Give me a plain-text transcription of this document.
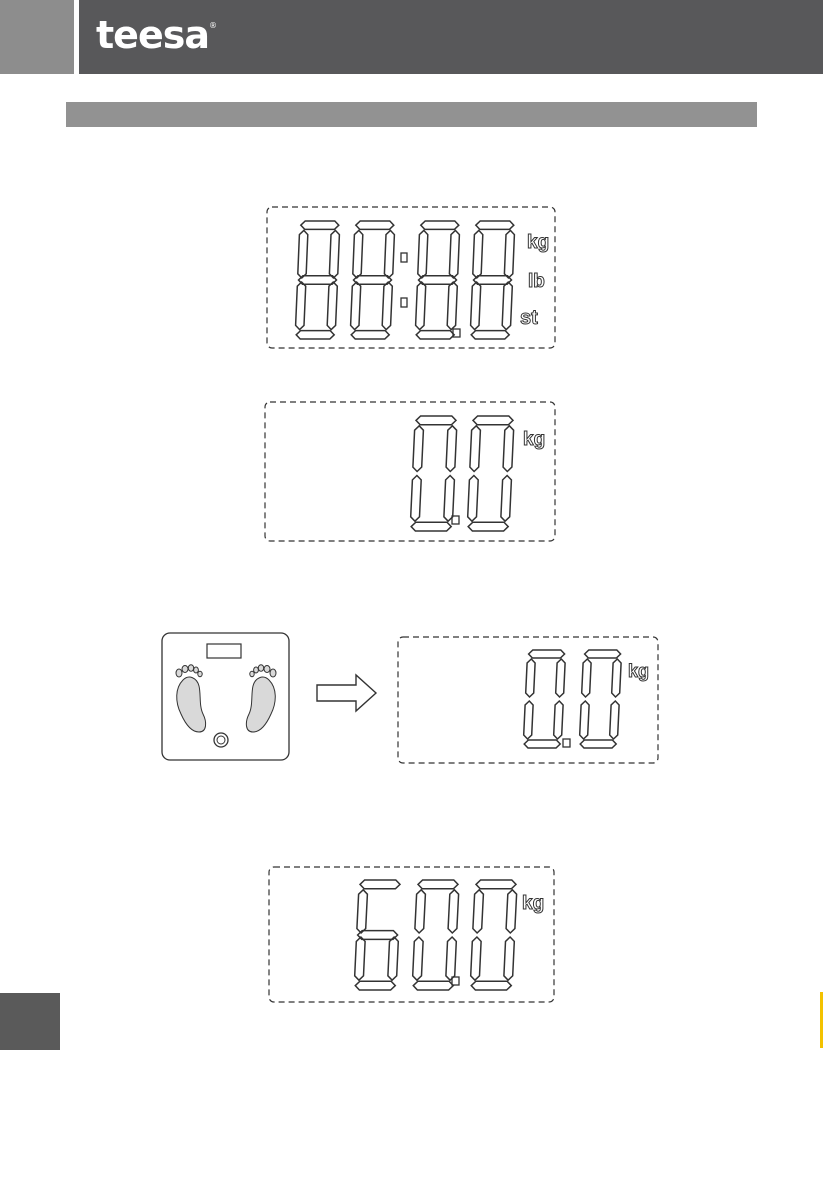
teesa®
kg
lb
st
kg
kg
kg
